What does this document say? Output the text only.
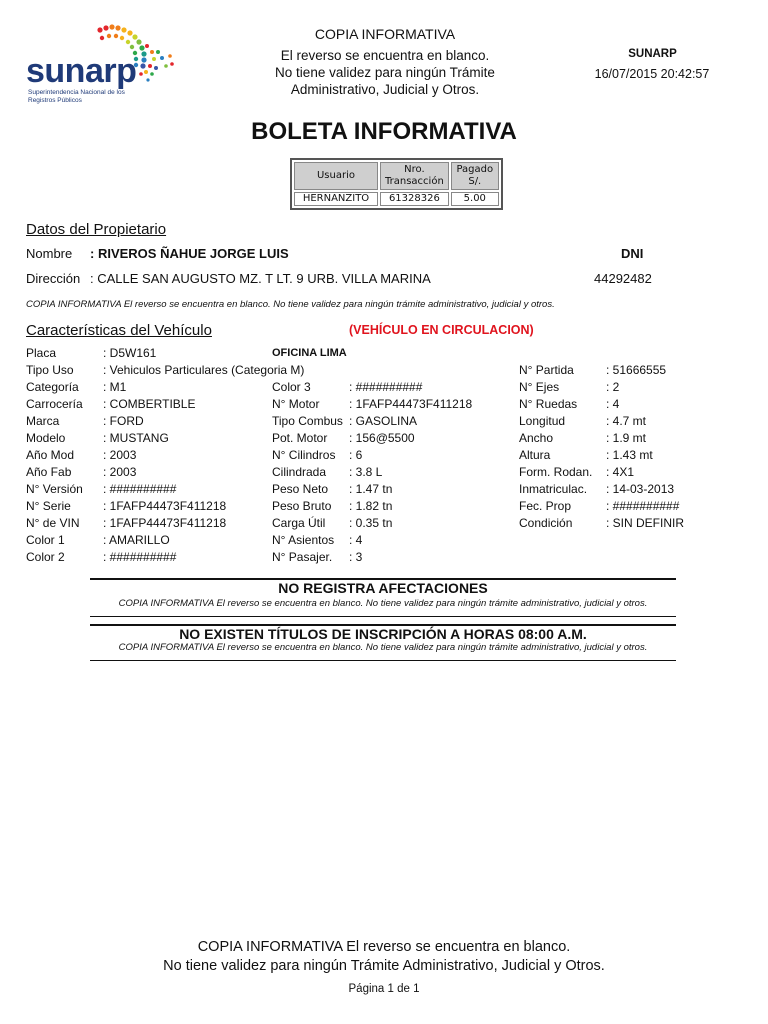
sunarp
Superintendencia Nacional de los Registros Públicos
COPIA INFORMATIVA
El reverso se encuentra en blanco.
No tiene validez para ningún Trámite
Administrativo, Judicial y Otros.
SUNARP
16/07/2015 20:42:57
BOLETA INFORMATIVA
Usuario	Nro. Transacción	Pagado S/.
HERNANZITO	61328326	5.00
Datos del Propietario
Nombre : RIVEROS ÑAHUE JORGE LUIS	DNI
Dirección : CALLE SAN AUGUSTO MZ. T LT. 9 URB. VILLA MARINA	44292482
COPIA INFORMATIVA El reverso se encuentra en blanco. No tiene validez para ningún trámite administrativo, judicial y otros.
Características del Vehículo	(VEHÍCULO EN CIRCULACION)
OFICINA LIMA
Placa	: D5W161
Tipo Uso : Vehiculos Particulares (Categoria M)
Categoría : M1
Carrocería : COMBERTIBLE
Marca	: FORD
Modelo	: MUSTANG
Año Mod : 2003
Año Fab	: 2003
N° Versión : ##########
N° Serie	: 1FAFP44473F411218
N° de VIN : 1FAFP44473F411218
Color 1	: AMARILLO
Color 2	: ##########
Color 3	: ##########
N° Motor : 1FAFP44473F411218
Tipo Combus : GASOLINA
Pot. Motor : 156@5500
N° Cilindros : 6
Cilindrada : 3.8 L
Peso Neto : 1.47 tn
Peso Bruto : 1.82 tn
Carga Útil : 0.35 tn
N° Asientos : 4
N° Pasajer. : 3
N° Partida	: 51666555
N° Ejes	: 2
N° Ruedas : 4
Longitud	: 4.7 mt
Ancho	: 1.9 mt
Altura	: 1.43 mt
Form. Rodan. : 4X1
Inmatriculac. : 14-03-2013
Fec. Prop	: ##########
Condición	: SIN DEFINIR
NO REGISTRA AFECTACIONES
COPIA INFORMATIVA El reverso se encuentra en blanco. No tiene validez para ningún trámite administrativo, judicial y otros.
NO EXISTEN TÍTULOS DE INSCRIPCIÓN A HORAS 08:00 A.M.
COPIA INFORMATIVA El reverso se encuentra en blanco. No tiene validez para ningún trámite administrativo, judicial y otros.
COPIA INFORMATIVA El reverso se encuentra en blanco.
No tiene validez para ningún Trámite Administrativo, Judicial y Otros.
Página 1 de 1
